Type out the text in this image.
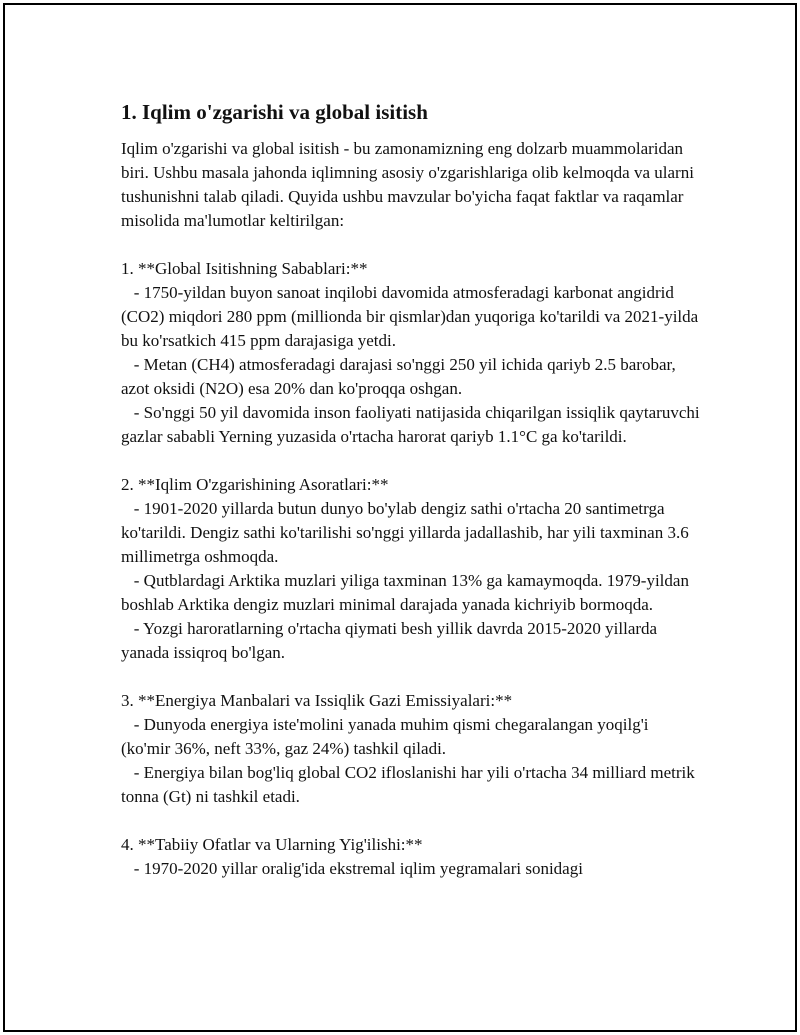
1. Iqlim o'zgarishi va global isitish

Iqlim o'zgarishi va global isitish - bu zamonamizning eng dolzarb muammolaridan biri. Ushbu masala jahonda iqlimning asosiy o'zgarishlariga olib kelmoqda va ularni tushunishni talab qiladi. Quyida ushbu mavzular bo'yicha faqat faktlar va raqamlar misolida ma'lumotlar keltirilgan:

1. **Global Isitishning Sabablari:**

- 1750-yildan buyon sanoat inqilobi davomida atmosferadagi karbonat angidrid (CO2) miqdori 280 ppm (millionda bir qismlar)dan yuqoriga ko'tarildi va 2021-yilda bu ko'rsatkich 415 ppm darajasiga yetdi.

- Metan (CH4) atmosferadagi darajasi so'nggi 250 yil ichida qariyb 2.5 barobar, azot oksidi (N2O) esa 20% dan ko'proqqa oshgan.

- So'nggi 50 yil davomida inson faoliyati natijasida chiqarilgan issiqlik qaytaruvchi gazlar sababli Yerning yuzasida o'rtacha harorat qariyb 1.1°C ga ko'tarildi.

2. **Iqlim O'zgarishining Asoratlari:**

- 1901-2020 yillarda butun dunyo bo'ylab dengiz sathi o'rtacha 20 santimetrga ko'tarildi. Dengiz sathi ko'tarilishi so'nggi yillarda jadallashib, har yili taxminan 3.6 millimetrga oshmoqda.

- Qutblardagi Arktika muzlari yiliga taxminan 13% ga kamaymoqda. 1979-yildan boshlab Arktika dengiz muzlari minimal darajada yanada kichriyib bormoqda.

- Yozgi haroratlarning o'rtacha qiymati besh yillik davrda 2015-2020 yillarda yanada issiqroq bo'lgan.

3. **Energiya Manbalari va Issiqlik Gazi Emissiyalari:**

- Dunyoda energiya iste'molini yanada muhim qismi chegaralangan yoqilg'i (ko'mir 36%, neft 33%, gaz 24%) tashkil qiladi.

- Energiya bilan bog'liq global CO2 ifloslanishi har yili o'rtacha 34 milliard metrik tonna (Gt) ni tashkil etadi.

4. **Tabiiy Ofatlar va Ularning Yig'ilishi:**

- 1970-2020 yillar oralig'ida ekstremal iqlim yegramalari sonidagi
